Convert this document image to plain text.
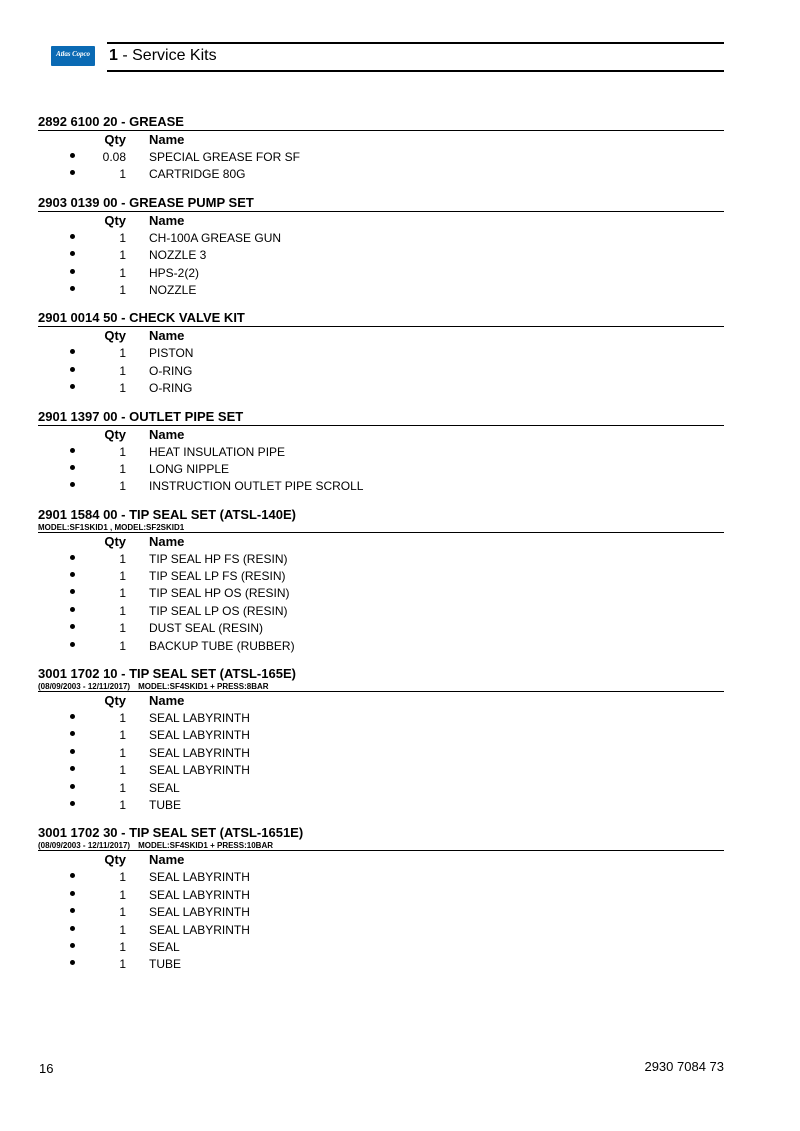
Atlas Copco	1 - Service Kits
2892 6100 20 - GREASE
Qty Name
0.08 SPECIAL GREASE FOR SF
1 CARTRIDGE 80G
2903 0139 00 - GREASE PUMP SET
Qty Name
1 CH-100A GREASE GUN
1 NOZZLE 3
1 HPS-2(2)
1 NOZZLE
2901 0014 50 - CHECK VALVE KIT
Qty Name
1 PISTON
1 O-RING
1 O-RING
2901 1397 00 - OUTLET PIPE SET
Qty Name
1 HEAT INSULATION PIPE
1 LONG NIPPLE
1 INSTRUCTION OUTLET PIPE SCROLL
2901 1584 00 - TIP SEAL SET (ATSL-140E)
MODEL:SF1SKID1 , MODEL:SF2SKID1
Qty Name
1 TIP SEAL HP FS (RESIN)
1 TIP SEAL LP FS (RESIN)
1 TIP SEAL HP OS (RESIN)
1 TIP SEAL LP OS (RESIN)
1 DUST SEAL (RESIN)
1 BACKUP TUBE (RUBBER)
3001 1702 10 - TIP SEAL SET (ATSL-165E)
(08/09/2003 - 12/11/2017) MODEL:SF4SKID1 + PRESS:8BAR
Qty Name
1 SEAL LABYRINTH
1 SEAL LABYRINTH
1 SEAL LABYRINTH
1 SEAL LABYRINTH
1 SEAL
1 TUBE
3001 1702 30 - TIP SEAL SET (ATSL-1651E)
(08/09/2003 - 12/11/2017) MODEL:SF4SKID1 + PRESS:10BAR
Qty Name
1 SEAL LABYRINTH
1 SEAL LABYRINTH
1 SEAL LABYRINTH
1 SEAL LABYRINTH
1 SEAL
1 TUBE
16	2930 7084 73
